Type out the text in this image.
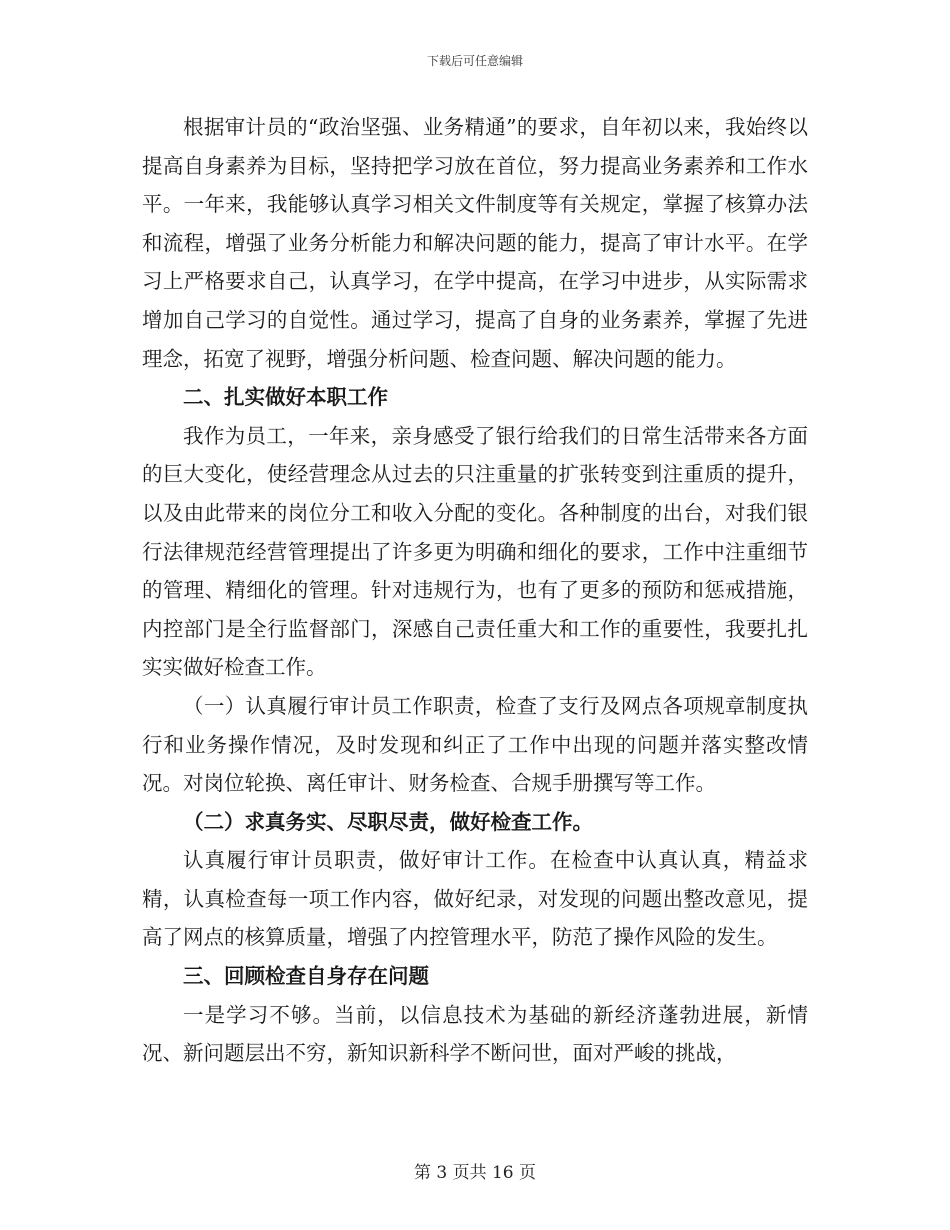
下载后可任意编辑

根据审计员的“政治坚强、业务精通”的要求，自年初以来，我始终以提高自身素养为目标，坚持把学习放在首位，努力提高业务素养和工作水平。一年来，我能够认真学习相关文件制度等有关规定，掌握了核算办法和流程，增强了业务分析能力和解决问题的能力，提高了审计水平。在学习上严格要求自己，认真学习，在学中提高，在学习中进步，从实际需求增加自己学习的自觉性。通过学习，提高了自身的业务素养，掌握了先进理念，拓宽了视野，增强分析问题、检查问题、解决问题的能力。

二、扎实做好本职工作

我作为员工，一年来，亲身感受了银行给我们的日常生活带来各方面的巨大变化，使经营理念从过去的只注重量的扩张转变到注重质的提升，以及由此带来的岗位分工和收入分配的变化。各种制度的出台，对我们银行法律规范经营管理提出了许多更为明确和细化的要求，工作中注重细节的管理、精细化的管理。针对违规行为，也有了更多的预防和惩戒措施，内控部门是全行监督部门，深感自己责任重大和工作的重要性，我要扎扎实实做好检查工作。

（一）认真履行审计员工作职责，检查了支行及网点各项规章制度执行和业务操作情况，及时发现和纠正了工作中出现的问题并落实整改情况。对岗位轮换、离任审计、财务检查、合规手册撰写等工作。

（二）求真务实、尽职尽责，做好检查工作。

认真履行审计员职责，做好审计工作。在检查中认真认真，精益求精，认真检查每一项工作内容，做好纪录，对发现的问题出整改意见，提高了网点的核算质量，增强了内控管理水平，防范了操作风险的发生。

三、回顾检查自身存在问题

一是学习不够。当前，以信息技术为基础的新经济蓬勃进展，新情况、新问题层出不穷，新知识新科学不断问世，面对严峻的挑战，

第 3 页共 16 页
